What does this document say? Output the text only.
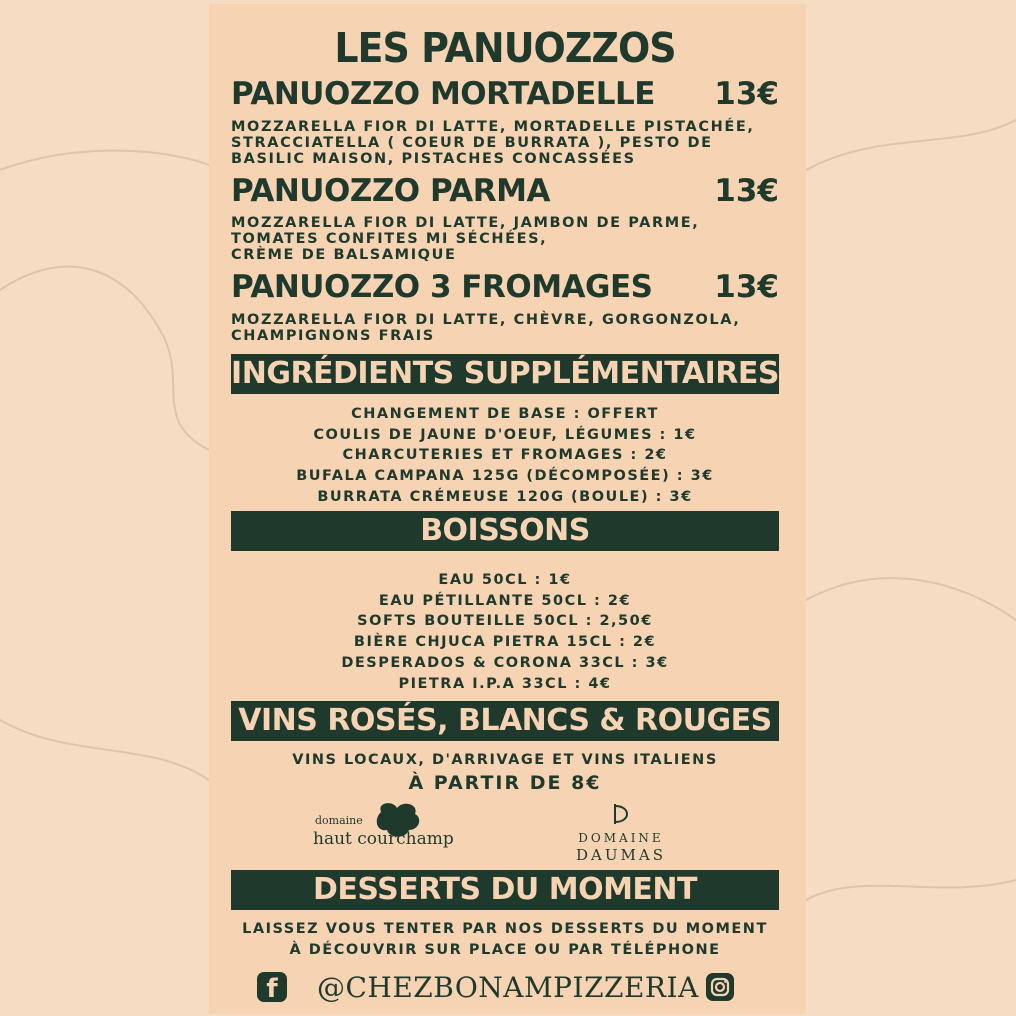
LES PANUOZZOS
PANUOZZO MORTADELLE 13€
MOZZARELLA FIOR DI LATTE, MORTADELLE PISTACHÉE,
STRACCIATELLA ( COEUR DE BURRATA ), PESTO DE
BASILIC MAISON, PISTACHES CONCASSÉES
PANUOZZO PARMA	13€
MOZZARELLA FIOR DI LATTE, JAMBON DE PARME,
TOMATES CONFITES MI SÉCHÉES,
CRÈME DE BALSAMIQUE
PANUOZZO 3 FROMAGES 13€
MOZZARELLA FIOR DI LATTE, CHÈVRE, GORGONZOLA,
CHAMPIGNONS FRAIS
INGRÉDIENTS SUPPLÉMENTAIRES
CHANGEMENT DE BASE : OFFERT
COULIS DE JAUNE D'OEUF, LÉGUMES : 1€
CHARCUTERIES ET FROMAGES : 2€
BUFALA CAMPANA 125G (DÉCOMPOSÉE) : 3€
BURRATA CRÉMEUSE 120G (BOULE) : 3€
BOISSONS
EAU 50CL : 1€
EAU PÉTILLANTE 50CL : 2€
SOFTS BOUTEILLE 50CL : 2,50€
BIÈRE CHJUCA PIETRA 15CL : 2€
DESPERADOS & CORONA 33CL : 3€
PIETRA I.P.A 33CL : 4€
VINS ROSÉS, BLANCS & ROUGES
VINS LOCAUX, D'ARRIVAGE ET VINS ITALIENS
À PARTIR DE 8€
domaine
haut courchamp	DOMAINE
DAUMAS
DESSERTS DU MOMENT
LAISSEZ VOUS TENTER PAR NOS DESSERTS DU MOMENT
À DÉCOUVRIR SUR PLACE OU PAR TÉLÉPHONE
f	@CHEZBONAMPIZZERIA
